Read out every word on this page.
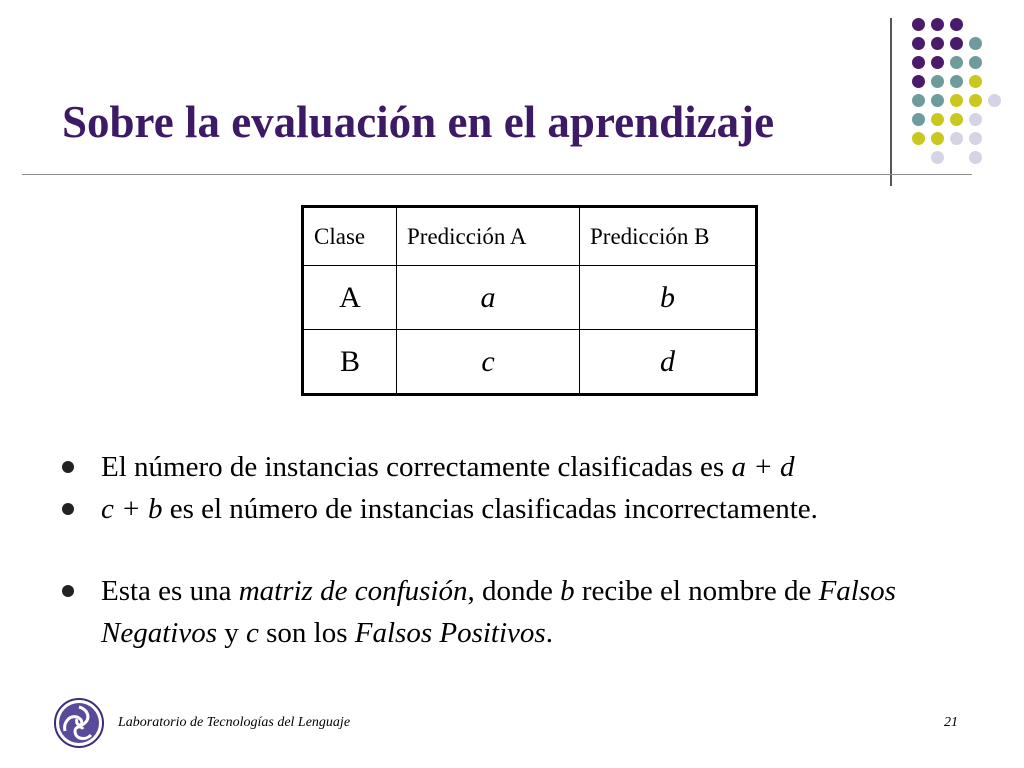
Sobre la evaluación en el aprendizaje
Clase	Predicción A	Predicción B
A	a	b
B	c	d
El número de instancias correctamente clasificadas es a + d
c + b es el número de instancias clasificadas incorrectamente.
Esta es una matriz de confusión, donde b recibe el nombre de Falsos Negativos y c son los Falsos Positivos.
Laboratorio de Tecnologías del Lenguaje	21
